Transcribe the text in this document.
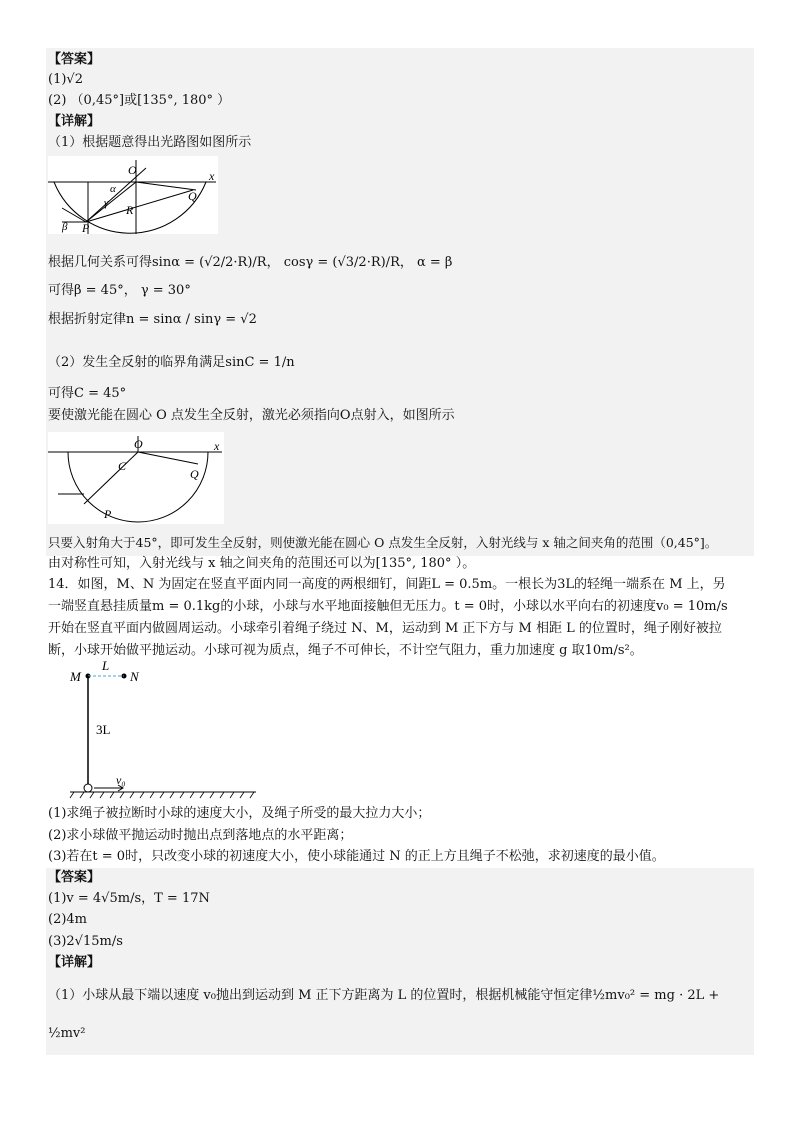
【答案】
(1)√2
(2) （0,45°]或[135°, 180° ）
【详解】
（1）根据题意得出光路图如图所示
O
α
γ R
Q
β P
x
根据几何关系可得sinα = (√2/2·R)/R， cosγ = (√3/2·R)/R， α = β
可得β = 45°， γ = 30°
根据折射定律n = sinα / sinγ = √2
（2）发生全反射的临界角满足sinC = 1/n
可得C = 45°
要使激光能在圆心 O 点发生全反射，激光必须指向O点射入，如图所示
O
C
Q
P
x
只要入射角大于45°，即可发生全反射，则使激光能在圆心 O 点发生全反射，入射光线与 x 轴之间夹角的范围（0,45°]。
由对称性可知，入射光线与 x 轴之间夹角的范围还可以为[135°, 180° ）。
14．如图，M、N 为固定在竖直平面内同一高度的两根细钉，间距L = 0.5m。一根长为3L的轻绳一端系在 M 上，另
一端竖直悬挂质量m = 0.1kg的小球，小球与水平地面接触但无压力。t = 0时，小球以水平向右的初速度v₀ = 10m/s
开始在竖直平面内做圆周运动。小球牵引着绳子绕过 N、M，运动到 M 正下方与 M 相距 L 的位置时，绳子刚好被拉
断，小球开始做平抛运动。小球可视为质点，绳子不可伸长，不计空气阻力，重力加速度 g 取10m/s²。
M	N
L
3L
v₀
(1)求绳子被拉断时小球的速度大小，及绳子所受的最大拉力大小；
(2)求小球做平抛运动时抛出点到落地点的水平距离；
(3)若在t = 0时，只改变小球的初速度大小，使小球能通过 N 的正上方且绳子不松弛，求初速度的最小值。
【答案】
(1)v = 4√5m/s，T = 17N
(2)4m
(3)2√15m/s
【详解】
（1）小球从最下端以速度 v₀抛出到运动到 M 正下方距离为 L 的位置时，根据机械能守恒定律½mv₀² = mg · 2L +
½mv²
